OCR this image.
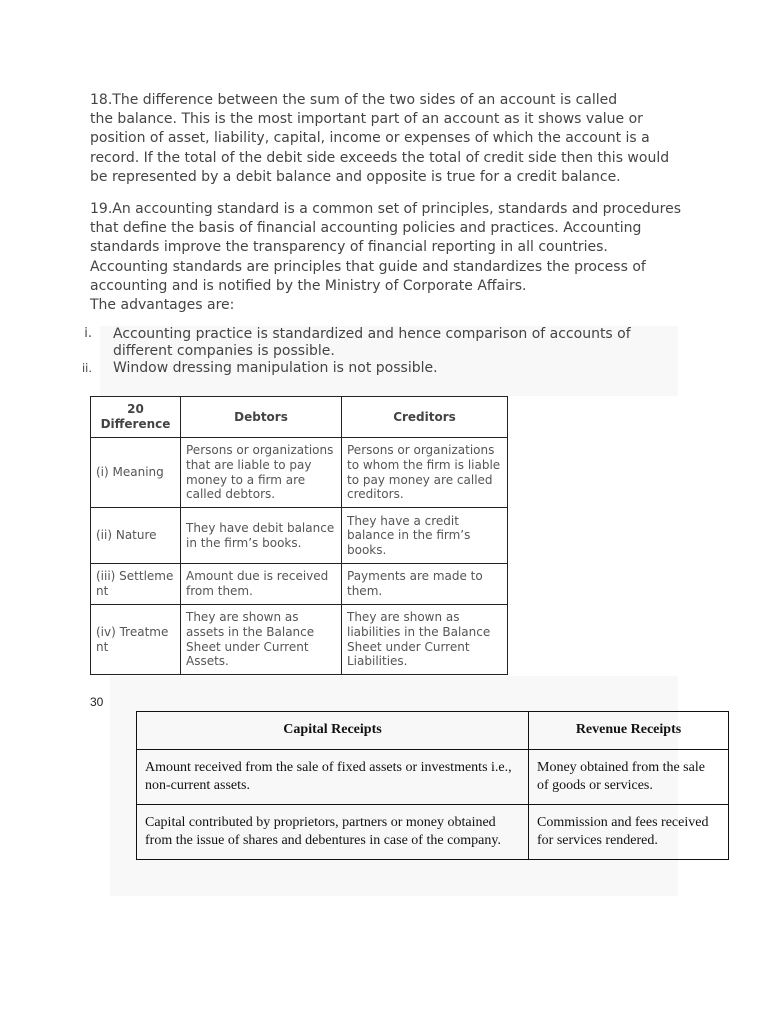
18.The difference between the sum of the two sides of an account is called
the balance. This is the most important part of an account as it shows value or
position of asset, liability, capital, income or expenses of which the account is a
record. If the total of the debit side exceeds the total of credit side then this would
be represented by a debit balance and opposite is true for a credit balance.

19.An accounting standard is a common set of principles, standards and procedures
that define the basis of financial accounting policies and practices. Accounting
standards improve the transparency of financial reporting in all countries.
Accounting standards are principles that guide and standardizes the process of
accounting and is notified by the Ministry of Corporate Affairs.
The advantages are:

i. Accounting practice is standardized and hence comparison of accounts of different companies is possible.
ii. Window dressing manipulation is not possible.
20 Difference	Debtors	Creditors
(i) Meaning	Persons or organizations that are liable to pay money to a firm are called debtors.	Persons or organizations to whom the firm is liable to pay money are called creditors.
(ii) Nature	They have debit balance in the firm’s books.	They have a credit balance in the firm’s books.
(iii) Settlement	Amount due is received from them.	Payments are made to them.
(iv) Treatment	They are shown as assets in the Balance Sheet under Current Assets.	They are shown as liabilities in the Balance Sheet under Current Liabilities.
30
Capital Receipts	Revenue Receipts
Amount received from the sale of fixed assets or investments i.e., non-current assets.	Money obtained from the sale of goods or services.
Capital contributed by proprietors, partners or money obtained from the issue of shares and debentures in case of the company.	Commission and fees received for services rendered.
